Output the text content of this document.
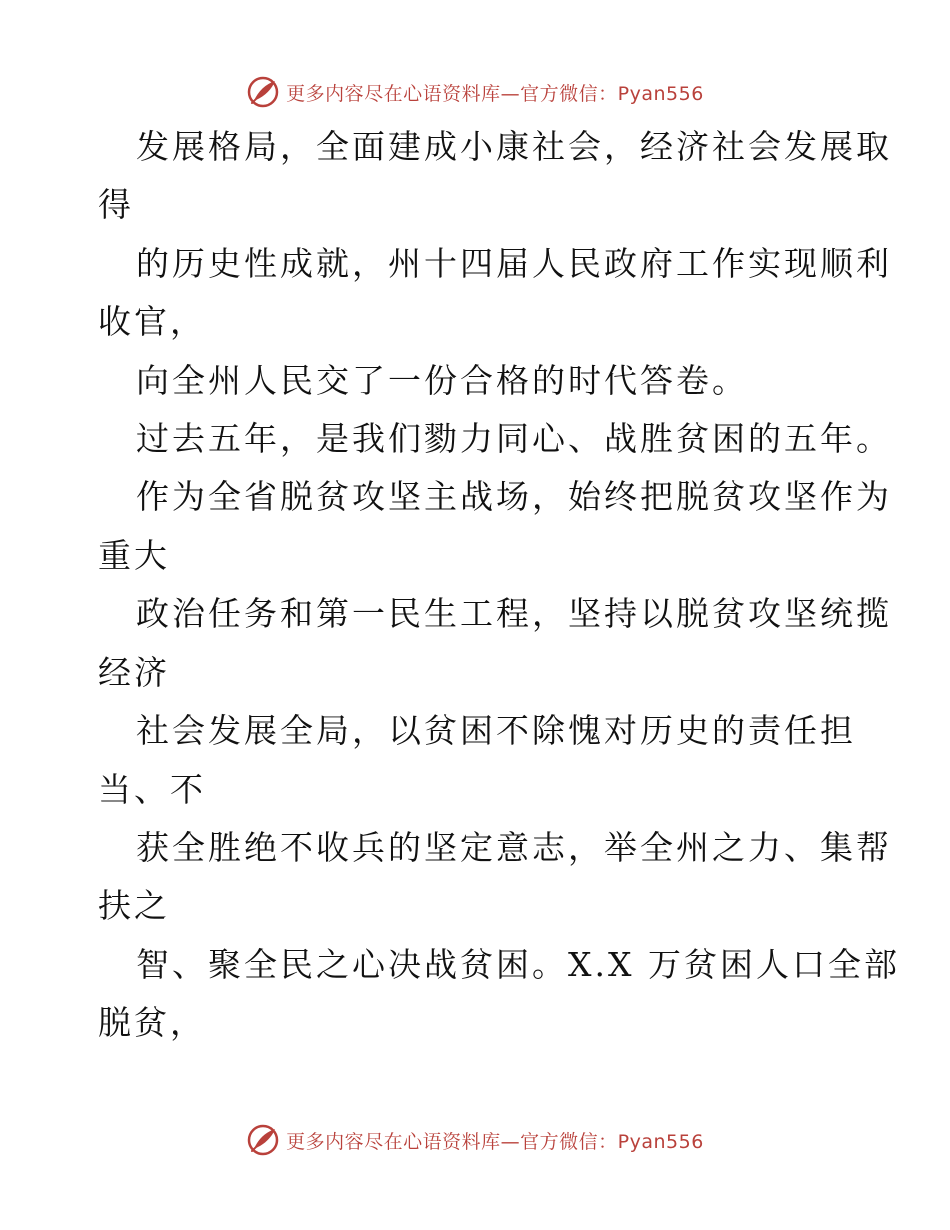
更多内容尽在心语资料库—官方微信：Pyan556
发展格局，全面建成小康社会，经济社会发展取
得
的历史性成就，州十四届人民政府工作实现顺利
收官，
向全州人民交了一份合格的时代答卷。
过去五年，是我们勠力同心、战胜贫困的五年。
作为全省脱贫攻坚主战场，始终把脱贫攻坚作为
重大
政治任务和第一民生工程，坚持以脱贫攻坚统揽
经济
社会发展全局，以贫困不除愧对历史的责任担
当、不
获全胜绝不收兵的坚定意志，举全州之力、集帮
扶之
智、聚全民之心决战贫困。X.X 万贫困人口全部
脱贫，
更多内容尽在心语资料库—官方微信：Pyan556
